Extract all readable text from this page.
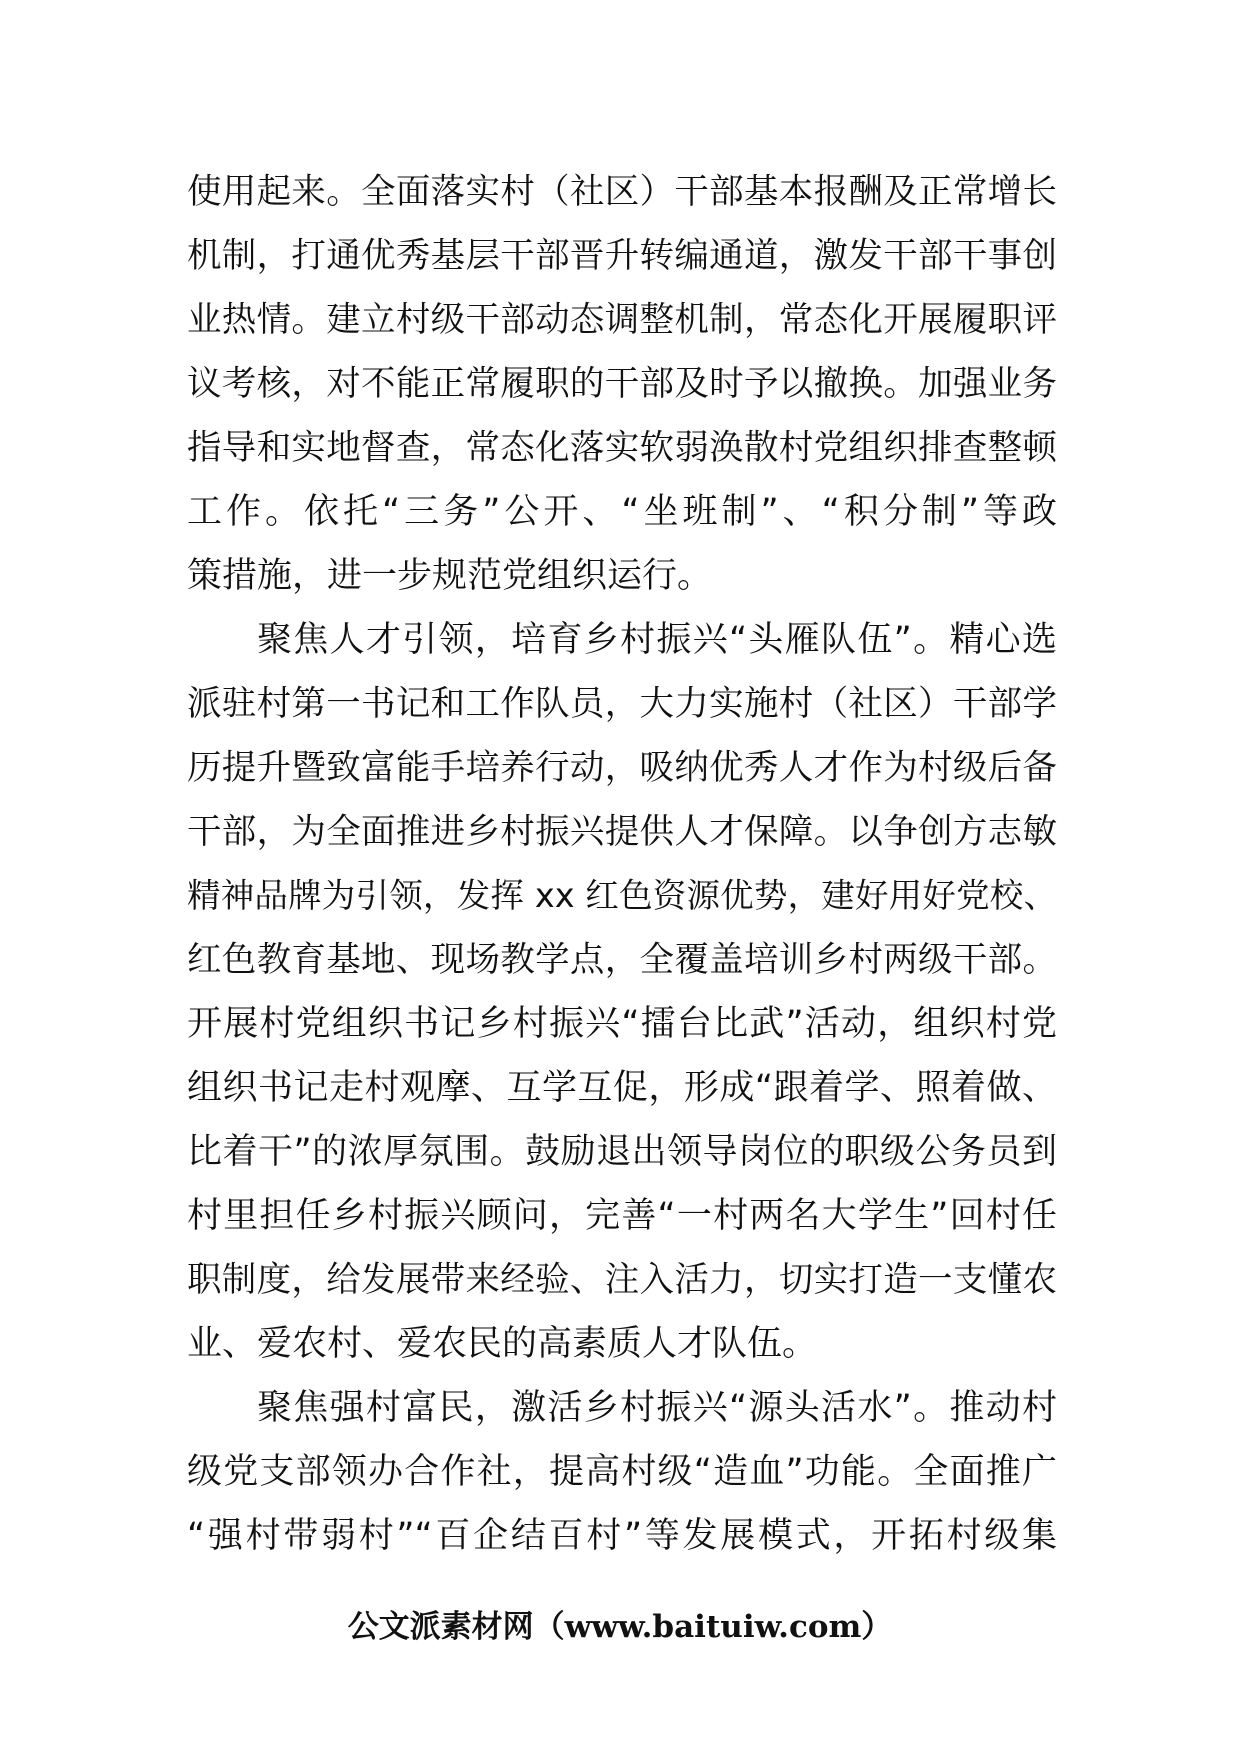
使用起来。全面落实村（社区）干部基本报酬及正常增长
机制，打通优秀基层干部晋升转编通道，激发干部干事创
业热情。建立村级干部动态调整机制，常态化开展履职评
议考核，对不能正常履职的干部及时予以撤换。加强业务
指导和实地督查，常态化落实软弱涣散村党组织排查整顿
工作。依托“三务”公开、“坐班制”、“积分制”等政
策措施，进一步规范党组织运行。
聚焦人才引领，培育乡村振兴“头雁队伍”。精心选
派驻村第一书记和工作队员，大力实施村（社区）干部学
历提升暨致富能手培养行动，吸纳优秀人才作为村级后备
干部，为全面推进乡村振兴提供人才保障。以争创方志敏
精神品牌为引领，发挥 xx 红色资源优势，建好用好党校、
红色教育基地、现场教学点，全覆盖培训乡村两级干部。
开展村党组织书记乡村振兴“擂台比武”活动，组织村党
组织书记走村观摩、互学互促，形成“跟着学、照着做、
比着干”的浓厚氛围。鼓励退出领导岗位的职级公务员到
村里担任乡村振兴顾问，完善“一村两名大学生”回村任
职制度，给发展带来经验、注入活力，切实打造一支懂农
业、爱农村、爱农民的高素质人才队伍。
聚焦强村富民，激活乡村振兴“源头活水”。推动村
级党支部领办合作社，提高村级“造血”功能。全面推广
“强村带弱村”“百企结百村”等发展模式，开拓村级集
公文派素材网（www.baituiw.com）
